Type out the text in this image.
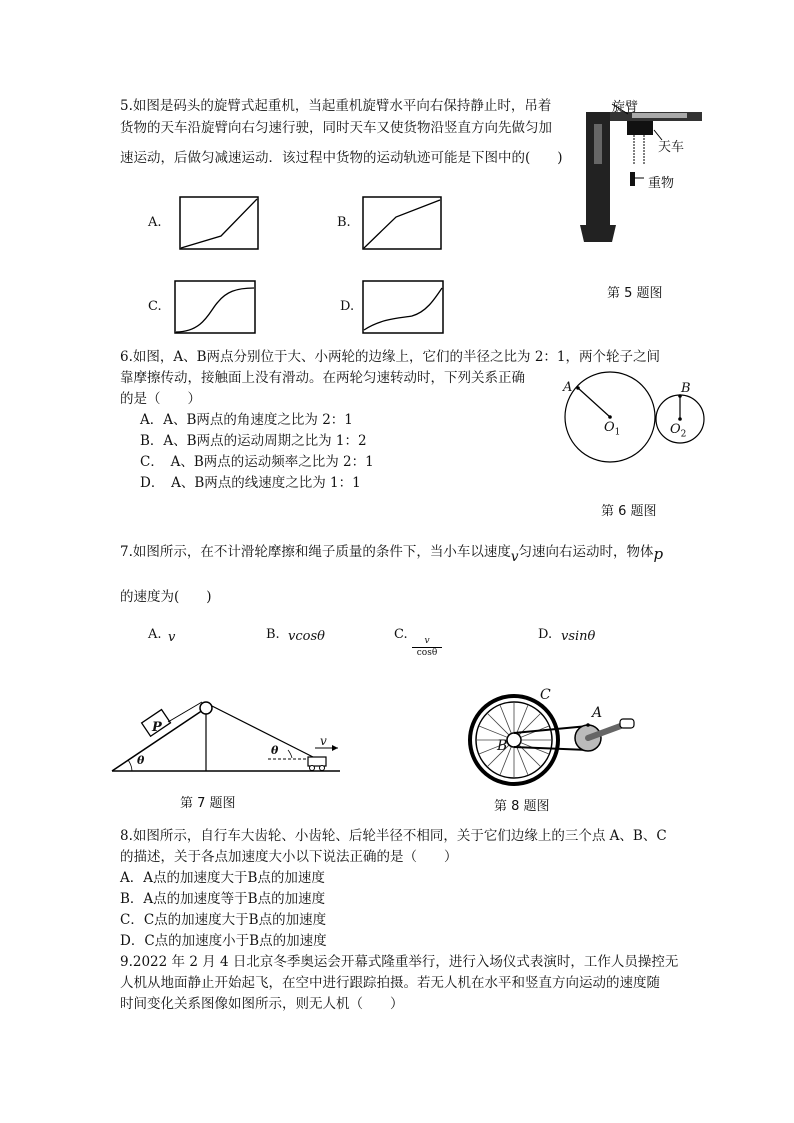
5.如图是码头的旋臂式起重机，当起重机旋臂水平向右保持静止时，吊着
货物的天车沿旋臂向右匀速行驶，同时天车又使货物沿竖直方向先做匀加
速运动，后做匀减速运动．该过程中货物的运动轨迹可能是下图中的(　　)
旋臂
天车
重物
第 5 题图
A.	B.
C.	D.
6.如图，A、B两点分别位于大、小两轮的边缘上，它们的半径之比为 2：1，两个轮子之间
靠摩擦传动，接触面上没有滑动。在两轮匀速转动时，下列关系正确
的是（　　）
A．A、B两点的角速度之比为 2：1
B．A、B两点的运动周期之比为 1：2
C．　A、B两点的运动频率之比为 2：1
D．　A、B两点的线速度之比为 1：1
A	B
$O_1$	$O_2$
第 6 题图
7.如图所示，在不计滑轮摩擦和绳子质量的条件下，当小车以速度v匀速向右运动时，物体p
的速度为(　　)
A. v	B. vcosθ	C.
$\frac{v}{\cos\theta}$
D. vsinθ
P
θ
θ
v
第 7 题图
C
A
B
第 8 题图
8.如图所示，自行车大齿轮、小齿轮、后轮半径不相同，关于它们边缘上的三个点 A、B、C
的描述，关于各点加速度大小以下说法正确的是（　　）
A．A点的加速度大于B点的加速度
B．A点的加速度等于B点的加速度
C．C点的加速度大于B点的加速度
D．C点的加速度小于B点的加速度
9.2022 年 2 月 4 日北京冬季奥运会开幕式隆重举行，进行入场仪式表演时，工作人员操控无
人机从地面静止开始起飞，在空中进行跟踪拍摄。若无人机在水平和竖直方向运动的速度随
时间变化关系图像如图所示，则无人机（　　）
